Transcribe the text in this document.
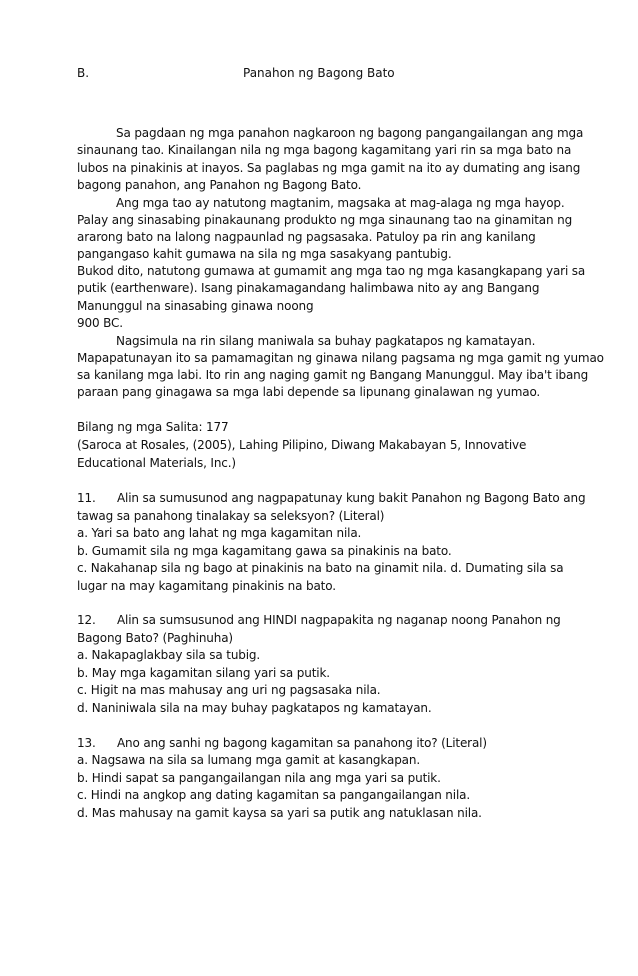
B.	Panahon ng Bagong Bato
Sa pagdaan ng mga panahon nagkaroon ng bagong pangangailangan ang mga
sinaunang tao. Kinailangan nila ng mga bagong kagamitang yari rin sa mga bato na
lubos na pinakinis at inayos. Sa paglabas ng mga gamit na ito ay dumating ang isang
bagong panahon, ang Panahon ng Bagong Bato.
Ang mga tao ay natutong magtanim, magsaka at mag-alaga ng mga hayop.
Palay ang sinasabing pinakaunang produkto ng mga sinaunang tao na ginamitan ng
ararong bato na lalong nagpaunlad ng pagsasaka. Patuloy pa rin ang kanilang
pangangaso kahit gumawa na sila ng mga sasakyang pantubig.
Bukod dito, natutong gumawa at gumamit ang mga tao ng mga kasangkapang yari sa
putik (earthenware). Isang pinakamagandang halimbawa nito ay ang Bangang
Manunggul na sinasabing ginawa noong
900 BC.
Nagsimula na rin silang maniwala sa buhay pagkatapos ng kamatayan.
Mapapatunayan ito sa pamamagitan ng ginawa nilang pagsama ng mga gamit ng yumao
sa kanilang mga labi. Ito rin ang naging gamit ng Bangang Manunggul. May iba't ibang
paraan pang ginagawa sa mga labi depende sa lipunang ginalawan ng yumao.
Bilang ng mga Salita: 177
(Saroca at Rosales, (2005), Lahing Pilipino, Diwang Makabayan 5, Innovative
Educational Materials, Inc.)
11. Alin sa sumusunod ang nagpapatunay kung bakit Panahon ng Bagong Bato ang
tawag sa panahong tinalakay sa seleksyon? (Literal)
a. Yari sa bato ang lahat ng mga kagamitan nila.
b. Gumamit sila ng mga kagamitang gawa sa pinakinis na bato.
c. Nakahanap sila ng bago at pinakinis na bato na ginamit nila. d. Dumating sila sa
lugar na may kagamitang pinakinis na bato.
12. Alin sa sumsusunod ang HINDI nagpapakita ng naganap noong Panahon ng
Bagong Bato? (Paghinuha)
a. Nakapaglakbay sila sa tubig.
b. May mga kagamitan silang yari sa putik.
c. Higit na mas mahusay ang uri ng pagsasaka nila.
d. Naniniwala sila na may buhay pagkatapos ng kamatayan.
13. Ano ang sanhi ng bagong kagamitan sa panahong ito? (Literal)
a. Nagsawa na sila sa lumang mga gamit at kasangkapan.
b. Hindi sapat sa pangangailangan nila ang mga yari sa putik.
c. Hindi na angkop ang dating kagamitan sa pangangailangan nila.
d. Mas mahusay na gamit kaysa sa yari sa putik ang natuklasan nila.
